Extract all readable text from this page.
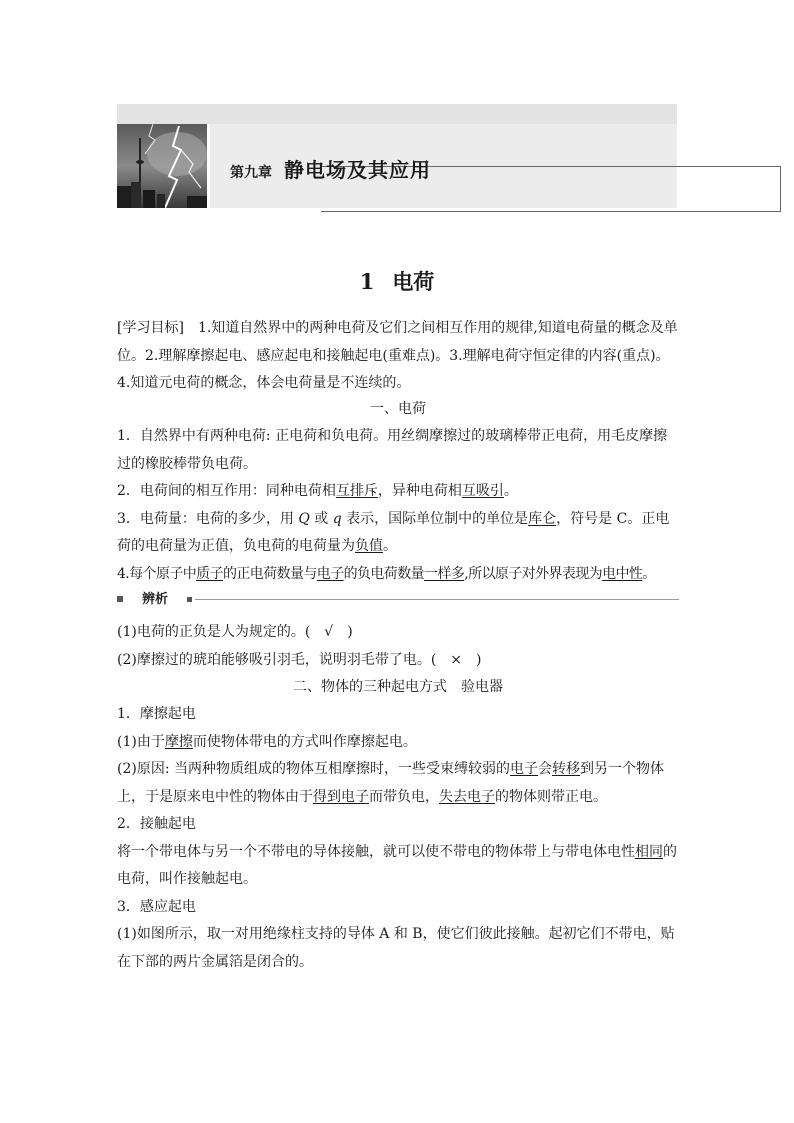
第九章 静电场及其应用
1 电荷

[学习目标]　 1.知道自然界中的两种电荷及它们之间相互作用的规律,知道电荷量的概念及单位。2.理解摩擦起电、感应起电和接触起电(重难点)。3.理解电荷守恒定律的内容(重点)。4.知道元电荷的概念，体会电荷量是不连续的。

一、电荷

1．自然界中有两种电荷: 正电荷和负电荷。用丝绸摩擦过的玻璃棒带正电荷，用毛皮摩擦过的橡胶棒带负电荷。

2．电荷间的相互作用：同种电荷相互排斥，异种电荷相互吸引。

3．电荷量：电荷的多少，用 Q 或 q 表示，国际单位制中的单位是库仑，符号是 C。正电荷的电荷量为正值，负电荷的电荷量为负值。

4.每个原子中质子的正电荷数量与电子的负电荷数量一样多,所以原子对外界表现为电中性。

辨析

(1)电荷的正负是人为规定的。(　 √　 )

(2)摩擦过的琥珀能够吸引羽毛，说明羽毛带了电。(　 ×　 )

二、物体的三种起电方式　验电器

1．摩擦起电

(1)由于摩擦而使物体带电的方式叫作摩擦起电。

(2)原因: 当两种物质组成的物体互相摩擦时，一些受束缚较弱的电子会转移到另一个物体上，于是原来电中性的物体由于得到电子而带负电，失去电子的物体则带正电。

2．接触起电

将一个带电体与另一个不带电的导体接触，就可以使不带电的物体带上与带电体电性相同的电荷，叫作接触起电。

3．感应起电

(1)如图所示，取一对用绝缘柱支持的导体 A 和 B，使它们彼此接触。起初它们不带电，贴在下部的两片金属箔是闭合的。
